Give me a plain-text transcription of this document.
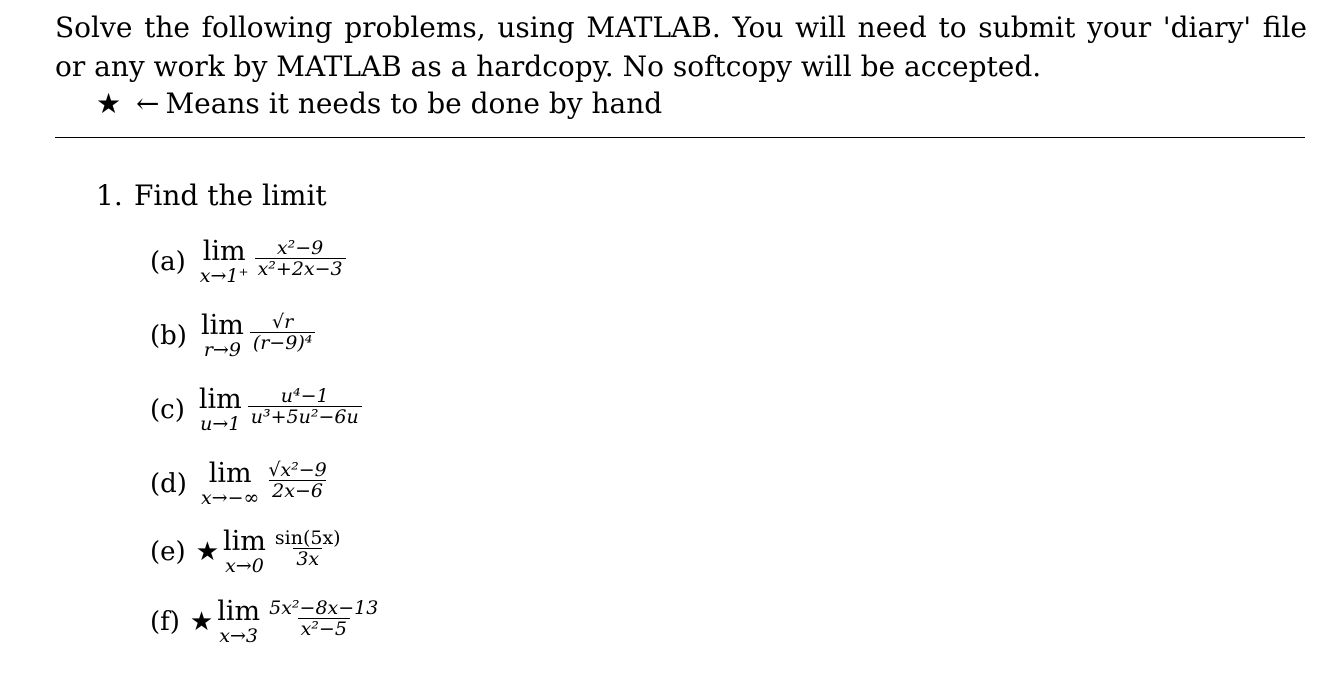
Solve the following problems, using MATLAB. You will need to submit your 'diary' file or any work by MATLAB as a hardcopy. No softcopy will be accepted.
★ ← Means it needs to be done by hand
1. Find the limit
(a) lim
$x\to 1^+ \frac{\text{x²−9}}{\text{x²+2x−3}}$
(b) lim
$r\to 9 \frac{√r}{\text{(r−9)⁴}}$
(c) lim
$u\to 1 \frac{\text{u⁴−1}}{\text{u³+5u²−6u}}$
(d) lim
$x\to-\infty \frac{\text{√x²−9}}{2x-6}$
(e) ★ lim
$x\to 0 \frac{\sin(5x)}{3x}$
(f) ★ lim
$x\to 3 \frac{\text{5x²−8x−13}}{\text{x²−5}}$
